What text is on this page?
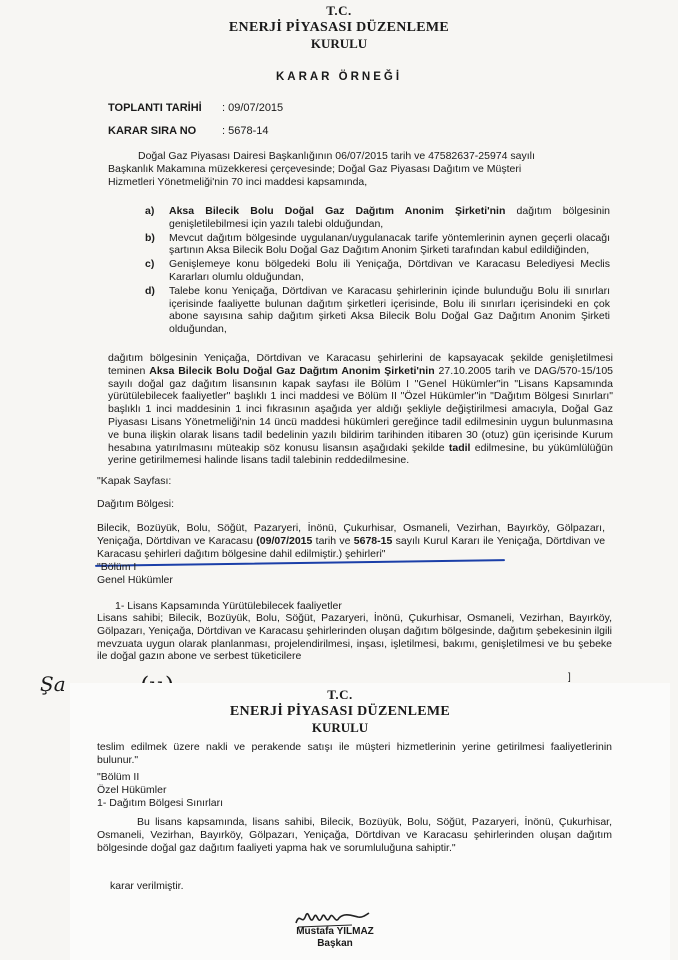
T.C.
ENERJİ PİYASASI DÜZENLEME
KURULU
KARAR ÖRNEĞİ
TOPLANTI TARİHİ : 09/07/2015
KARAR SIRA NO : 5678-14
Doğal Gaz Piyasası Dairesi Başkanlığının 06/07/2015 tarih ve 47582637-25974 sayılı
Başkanlık Makamına müzekkeresi çerçevesinde; Doğal Gaz Piyasası Dağıtım ve Müşteri
Hizmetleri Yönetmeliği'nin 70 inci maddesi kapsamında,
a)	Aksa Bilecik Bolu Doğal Gaz Dağıtım Anonim Şirketi'nin dağıtım bölgesinin genişletilebilmesi için yazılı talebi olduğundan,
b)	Mevcut dağıtım bölgesinde uygulanan/uygulanacak tarife yöntemlerinin aynen geçerli olacağı şartının Aksa Bilecik Bolu Doğal Gaz Dağıtım Anonim Şirketi tarafından kabul edildiğinden,
c)	Genişlemeye konu bölgedeki Bolu ili Yeniçağa, Dörtdivan ve Karacasu Belediyesi Meclis Kararları olumlu olduğundan,
d)	Talebe konu Yeniçağa, Dörtdivan ve Karacasu şehirlerinin içinde bulunduğu Bolu ili sınırları içerisinde faaliyette bulunan dağıtım şirketleri içerisinde, Bolu ili sınırları içerisindeki en çok abone sayısına sahip dağıtım şirketi Aksa Bilecik Bolu Doğal Gaz Dağıtım Anonim Şirketi olduğundan,
dağıtım bölgesinin Yeniçağa, Dörtdivan ve Karacasu şehirlerini de kapsayacak şekilde genişletilmesi teminen Aksa Bilecik Bolu Doğal Gaz Dağıtım Anonim Şirketi'nin 27.10.2005 tarih ve DAG/570-15/105 sayılı doğal gaz dağıtım lisansının kapak sayfası ile Bölüm I "Genel Hükümler"in "Lisans Kapsamında yürütülebilecek faaliyetler" başlıklı 1 inci maddesi ve Bölüm II "Özel Hükümler"in "Dağıtım Bölgesi Sınırları" başlıklı 1 inci maddesinin 1 inci fıkrasının aşağıda yer aldığı şekliyle değiştirilmesi amacıyla, Doğal Gaz Piyasası Lisans Yönetmeliği'nin 14 üncü maddesi hükümleri gereğince tadil edilmesinin uygun bulunmasına ve buna ilişkin olarak lisans tadil bedelinin yazılı bildirim tarihinden itibaren 30 (otuz) gün içerisinde Kurum hesabına yatırılmasını müteakip söz konusu lisansın aşağıdaki şekilde tadil edilmesine, bu yükümlülüğün yerine getirilmemesi halinde lisans tadil talebinin reddedilmesine.
"Kapak Sayfası:
Dağıtım Bölgesi:
Bilecik, Bozüyük, Bolu, Söğüt, Pazaryeri, İnönü, Çukurhisar, Osmaneli, Vezirhan, Bayırköy, Gölpazarı, Yeniçağa, Dörtdivan ve Karacasu (09/07/2015 tarih ve 5678-15 sayılı Kurul Kararı ile Yeniçağa, Dörtdivan ve Karacasu şehirleri dağıtım bölgesine dahil edilmiştir.) şehirleri"
"Bölüm I
Genel Hükümler
1- Lisans Kapsamında Yürütülebilecek faaliyetler
Lisans sahibi; Bilecik, Bozüyük, Bolu, Söğüt, Pazaryeri, İnönü, Çukurhisar, Osmaneli, Vezirhan, Bayırköy, Gölpazarı, Yeniçağa, Dörtdivan ve Karacasu şehirlerinden oluşan dağıtım bölgesinde, dağıtım şebekesinin ilgili mevzuata uygun olarak planlanması, projelendirilmesi, inşası, işletilmesi, bakımı, genişletilmesi ve bu şebeke ile doğal gazın abone ve serbest tüketicilere
Şa	]
T.C.
ENERJİ PİYASASI DÜZENLEME
KURULU
teslim edilmek üzere nakli ve perakende satışı ile müşteri hizmetlerinin yerine getirilmesi faaliyetlerinin bulunur."
"Bölüm II
Özel Hükümler
1- Dağıtım Bölgesi Sınırları
Bu lisans kapsamında, lisans sahibi, Bilecik, Bozüyük, Bolu, Söğüt, Pazaryeri, İnönü, Çukurhisar, Osmaneli, Vezirhan, Bayırköy, Gölpazarı, Yeniçağa, Dörtdivan ve Karacasu şehirlerinden oluşan dağıtım bölgesinde doğal gaz dağıtım faaliyeti yapma hak ve sorumluluğuna sahiptir."
karar verilmiştir.
Mustafa YILMAZ
Başkan
